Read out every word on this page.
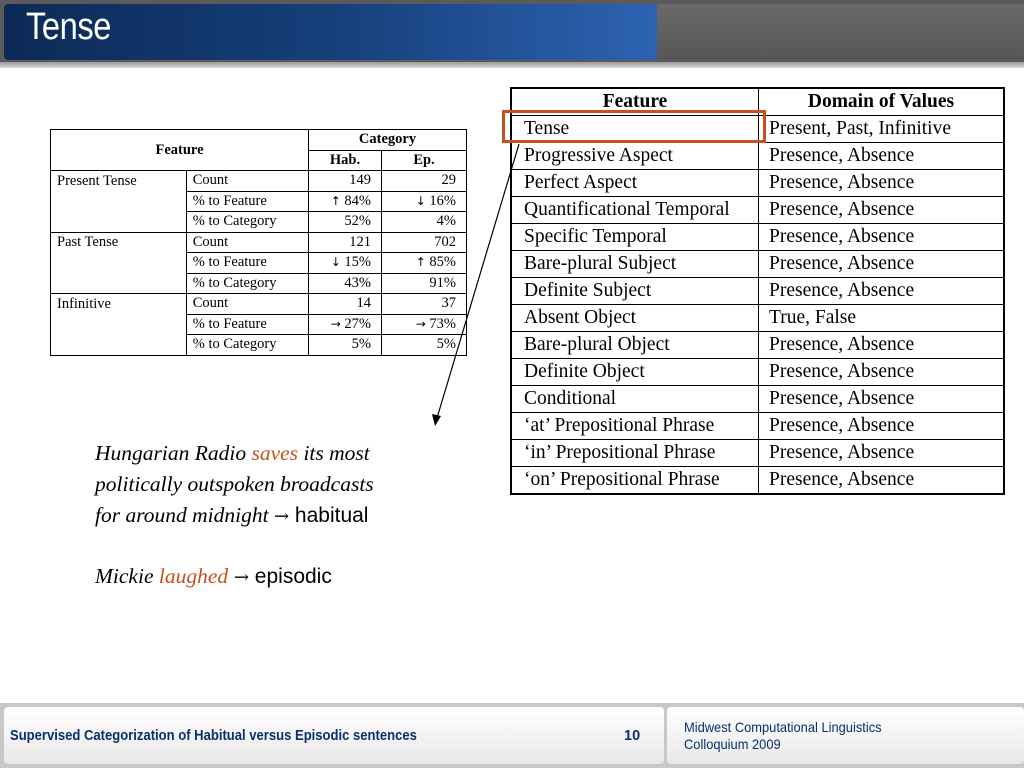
Tense
Feature		Category	
		Hab.	Ep.
Present Tense	Count	149	29
	% to Feature	↑ 84%	↓ 16%
	% to Category	52%	4%
Past Tense	Count	121	702
	% to Feature	↓ 15%	↑ 85%
	% to Category	43%	91%
Infinitive	Count	14	37
	% to Feature	→ 27%	→ 73%
	% to Category	5%	5%
Feature	Domain of Values
Tense	Present, Past, Infinitive
Progressive Aspect	Presence, Absence
Perfect Aspect	Presence, Absence
Quantificational Temporal	Presence, Absence
Specific Temporal	Presence, Absence
Bare-plural Subject	Presence, Absence
Definite Subject	Presence, Absence
Absent Object	True, False
Bare-plural Object	Presence, Absence
Definite Object	Presence, Absence
Conditional	Presence, Absence
‘at’ Prepositional Phrase	Presence, Absence
‘in’ Prepositional Phrase	Presence, Absence
‘on’ Prepositional Phrase	Presence, Absence
Hungarian Radio saves its most
politically outspoken broadcasts
for around midnight → habitual
Mickie laughed → episodic
Supervised Categorization of Habitual versus Episodic sentences	10
Midwest Computational Linguistics
Colloquium 2009
